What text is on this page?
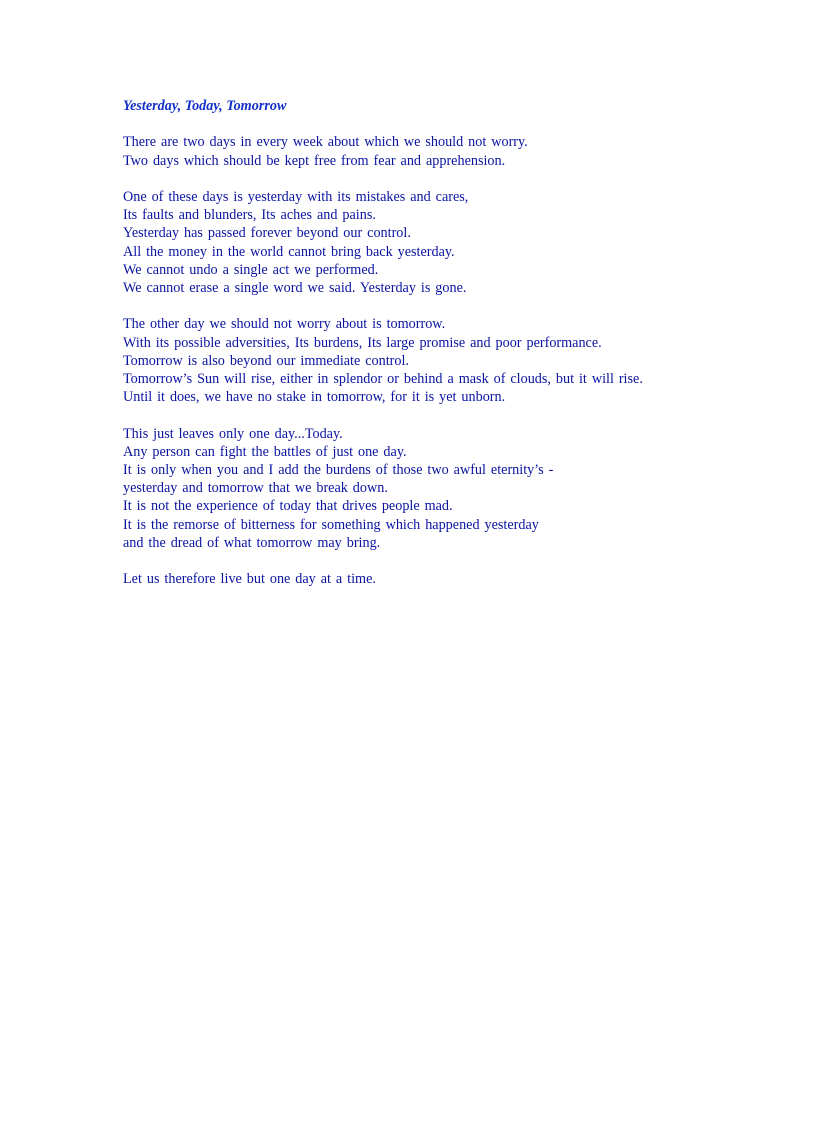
Yesterday, Today, Tomorrow
There are two days in every week about which we should not worry.
Two days which should be kept free from fear and apprehension.
One of these days is yesterday with its mistakes and cares,
Its faults and blunders, Its aches and pains.
Yesterday has passed forever beyond our control.
All the money in the world cannot bring back yesterday.
We cannot undo a single act we performed.
We cannot erase a single word we said. Yesterday is gone.
The other day we should not worry about is tomorrow.
With its possible adversities, Its burdens, Its large promise and poor performance.
Tomorrow is also beyond our immediate control.
Tomorrow’s Sun will rise, either in splendor or behind a mask of clouds, but it will rise.
Until it does, we have no stake in tomorrow, for it is yet unborn.
This just leaves only one day...Today.
Any person can fight the battles of just one day.
It is only when you and I add the burdens of those two awful eternity’s -
yesterday and tomorrow that we break down.
It is not the experience of today that drives people mad.
It is the remorse of bitterness for something which happened yesterday
and the dread of what tomorrow may bring.
Let us therefore live but one day at a time.
